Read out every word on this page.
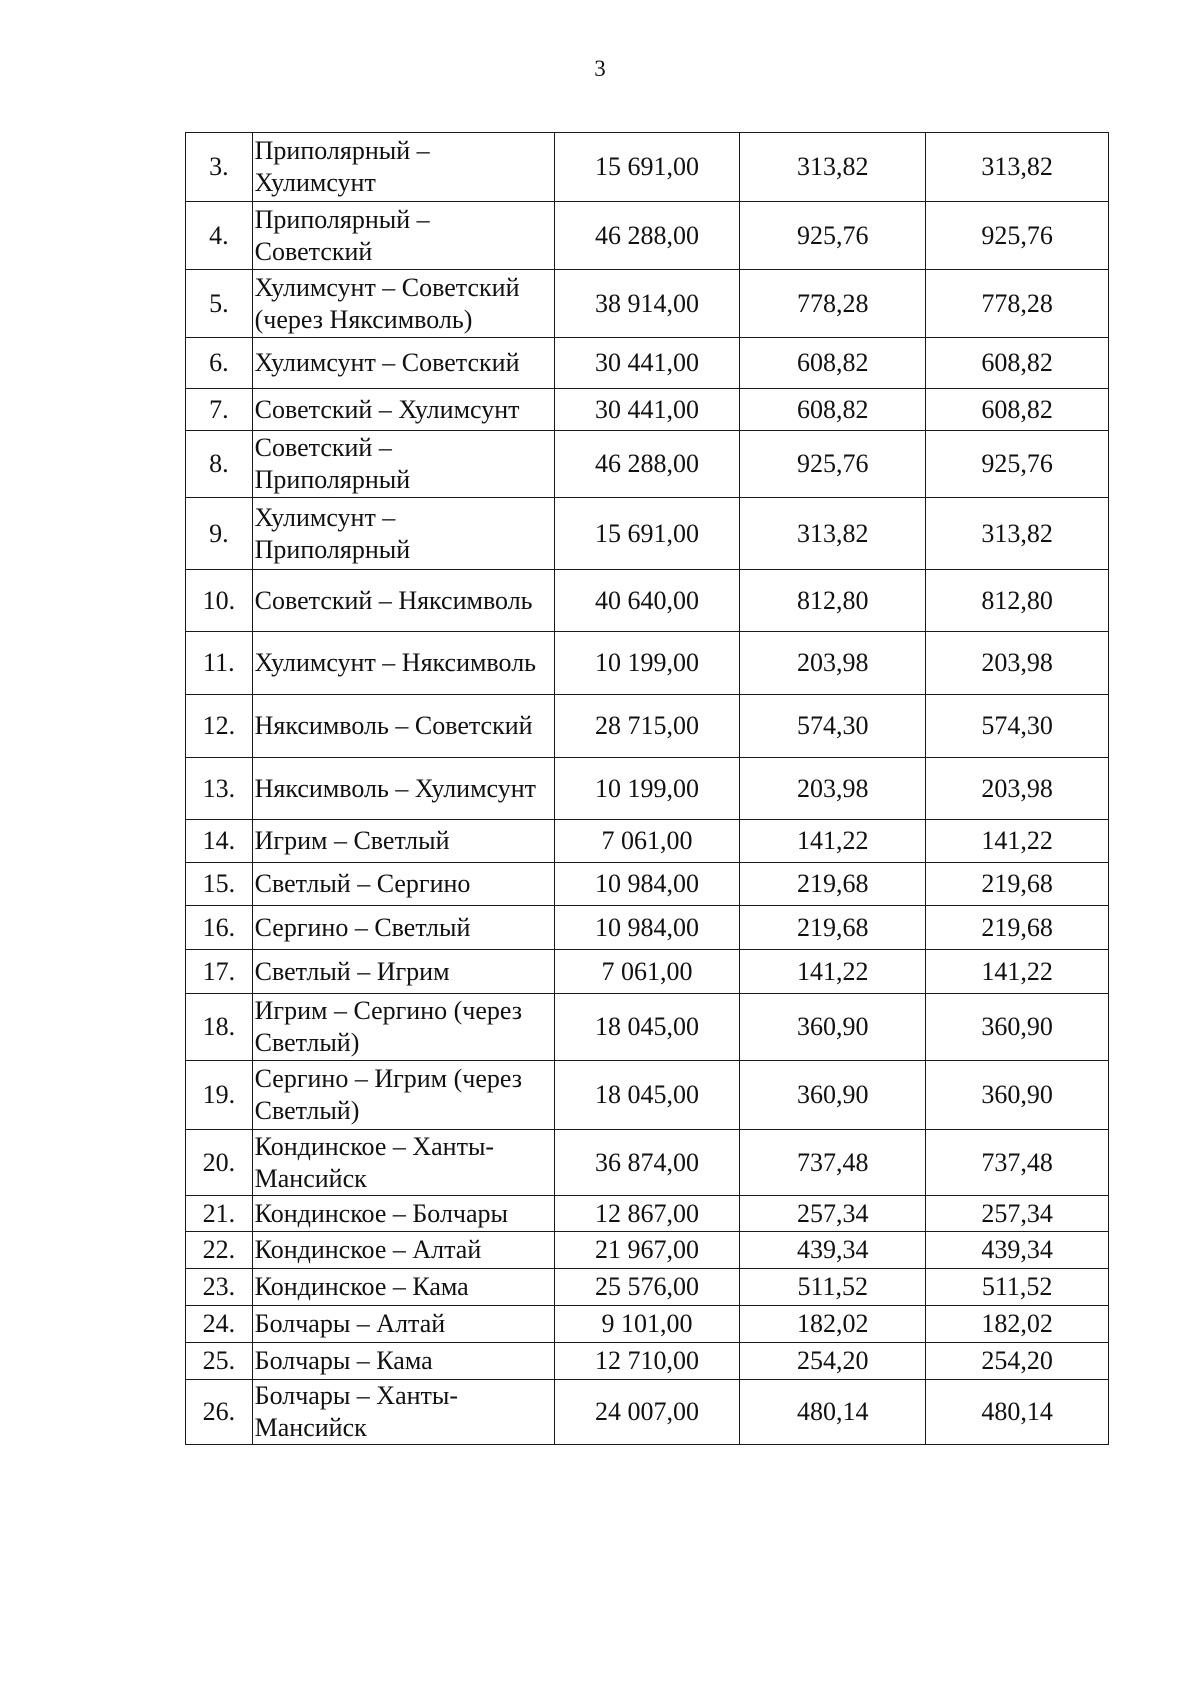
3
3.	Приполярный – Хулимсунт	15 691,00	313,82	313,82
4.	Приполярный – Советский	46 288,00	925,76	925,76
5.	Хулимсунт – Советский (через Няксимволь)	38 914,00	778,28	778,28
6.	Хулимсунт – Советский	30 441,00	608,82	608,82
7.	Советский – Хулимсунт	30 441,00	608,82	608,82
8.	Советский – Приполярный	46 288,00	925,76	925,76
9.	Хулимсунт – Приполярный	15 691,00	313,82	313,82
10.	Советский – Няксимволь	40 640,00	812,80	812,80
11.	Хулимсунт – Няксимволь	10 199,00	203,98	203,98
12.	Няксимволь – Советский	28 715,00	574,30	574,30
13.	Няксимволь – Хулимсунт	10 199,00	203,98	203,98
14.	Игрим – Светлый	7 061,00	141,22	141,22
15.	Светлый – Сергино	10 984,00	219,68	219,68
16.	Сергино – Светлый	10 984,00	219,68	219,68
17.	Светлый – Игрим	7 061,00	141,22	141,22
18.	Игрим – Сергино (через Светлый)	18 045,00	360,90	360,90
19.	Сергино – Игрим (через Светлый)	18 045,00	360,90	360,90
20.	Кондинское – Ханты-Мансийск	36 874,00	737,48	737,48
21.	Кондинское – Болчары	12 867,00	257,34	257,34
22.	Кондинское – Алтай	21 967,00	439,34	439,34
23.	Кондинское – Кама	25 576,00	511,52	511,52
24.	Болчары – Алтай	9 101,00	182,02	182,02
25.	Болчары – Кама	12 710,00	254,20	254,20
26.	Болчары – Ханты-Мансийск	24 007,00	480,14	480,14
